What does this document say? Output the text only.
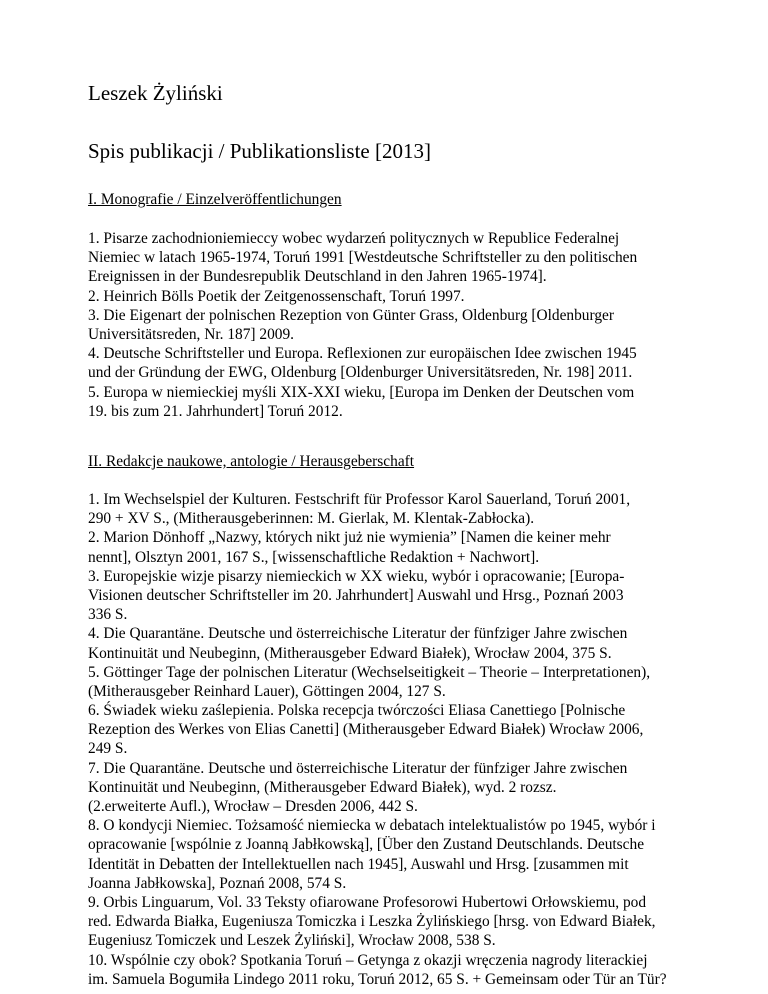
Leszek Żyliński
Spis publikacji / Publikationsliste [2013]
I. Monografie / Einzelveröffentlichungen
1. Pisarze zachodnioniemieccy wobec wydarzeń politycznych w Republice Federalnej
Niemiec w latach 1965-1974, Toruń 1991 [Westdeutsche Schriftsteller zu den politischen
Ereignissen in der Bundesrepublik Deutschland in den Jahren 1965-1974].
2. Heinrich Bölls Poetik der Zeitgenossenschaft, Toruń 1997.
3. Die Eigenart der polnischen Rezeption von Günter Grass, Oldenburg [Oldenburger
Universitätsreden, Nr. 187] 2009.
4. Deutsche Schriftsteller und Europa. Reflexionen zur europäischen Idee zwischen 1945
und der Gründung der EWG, Oldenburg [Oldenburger Universitätsreden, Nr. 198] 2011.
5. Europa w niemieckiej myśli XIX-XXI wieku, [Europa im Denken der Deutschen vom
19. bis zum 21. Jahrhundert] Toruń 2012.
II. Redakcje naukowe, antologie / Herausgeberschaft
1. Im Wechselspiel der Kulturen. Festschrift für Professor Karol Sauerland, Toruń 2001,
290 + XV S., (Mitherausgeberinnen: M. Gierlak, M. Klentak-Zabłocka).
2. Marion Dönhoff „Nazwy, których nikt już nie wymienia” [Namen die keiner mehr
nennt], Olsztyn 2001, 167 S., [wissenschaftliche Redaktion + Nachwort].
3. Europejskie wizje pisarzy niemieckich w XX wieku, wybór i opracowanie; [Europa-
Visionen deutscher Schriftsteller im 20. Jahrhundert] Auswahl und Hrsg., Poznań 2003
336 S.
4. Die Quarantäne. Deutsche und österreichische Literatur der fünfziger Jahre zwischen
Kontinuität und Neubeginn, (Mitherausgeber Edward Białek), Wrocław 2004, 375 S.
5. Göttinger Tage der polnischen Literatur (Wechselseitigkeit – Theorie – Interpretationen),
(Mitherausgeber Reinhard Lauer), Göttingen 2004, 127 S.
6. Świadek wieku zaślepienia. Polska recepcja twórczości Eliasa Canettiego [Polnische
Rezeption des Werkes von Elias Canetti] (Mitherausgeber Edward Białek) Wrocław 2006,
249 S.
7. Die Quarantäne. Deutsche und österreichische Literatur der fünfziger Jahre zwischen
Kontinuität und Neubeginn, (Mitherausgeber Edward Białek), wyd. 2 rozsz.
(2.erweiterte Aufl.), Wrocław – Dresden 2006, 442 S.
8. O kondycji Niemiec. Tożsamość niemiecka w debatach intelektualistów po 1945, wybór i
opracowanie [wspólnie z Joanną Jabłkowską], [Über den Zustand Deutschlands. Deutsche
Identität in Debatten der Intellektuellen nach 1945], Auswahl und Hrsg. [zusammen mit
Joanna Jabłkowska], Poznań 2008, 574 S.
9. Orbis Linguarum, Vol. 33 Teksty ofiarowane Profesorowi Hubertowi Orłowskiemu, pod
red. Edwarda Białka, Eugeniusza Tomiczka i Leszka Żylińskiego [hrsg. von Edward Białek,
Eugeniusz Tomiczek und Leszek Żyliński], Wrocław 2008, 538 S.
10. Wspólnie czy obok? Spotkania Toruń – Getynga z okazji wręczenia nagrody literackiej
im. Samuela Bogumiła Lindego 2011 roku, Toruń 2012, 65 S. + Gemeinsam oder Tür an Tür?
